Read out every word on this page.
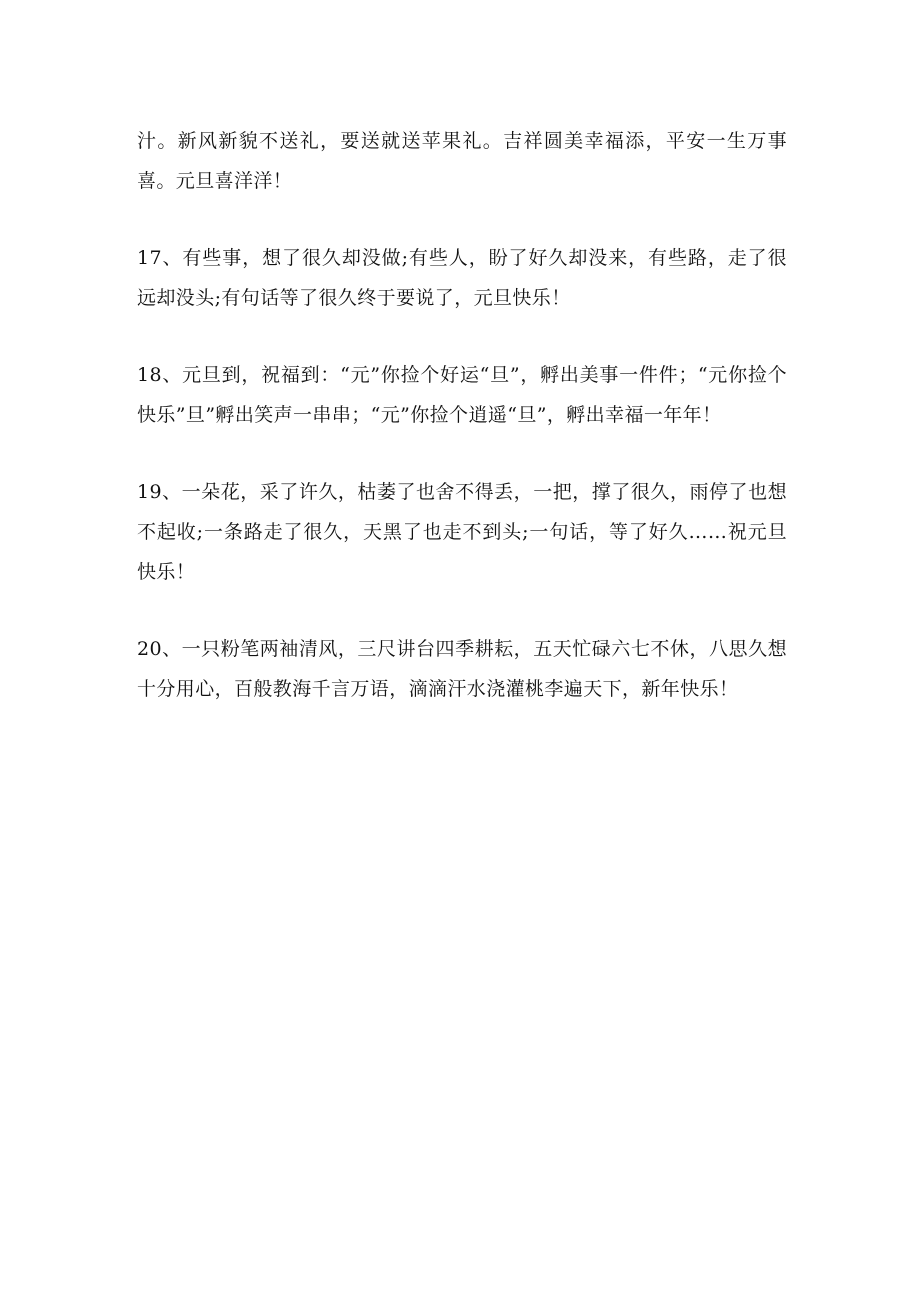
汁。新风新貌不送礼，要送就送苹果礼。吉祥圆美幸福添，平安一生万事喜。元旦喜洋洋！

17、有些事，想了很久却没做;有些人，盼了好久却没来，有些路，走了很远却没头;有句话等了很久终于要说了，元旦快乐！

18、元旦到，祝福到：“元”你捡个好运“旦”，孵出美事一件件；“元你捡个快乐”旦”孵出笑声一串串；“元”你捡个逍遥“旦”，孵出幸福一年年！

19、一朵花，采了许久，枯萎了也舍不得丢，一把，撑了很久，雨停了也想不起收;一条路走了很久，天黑了也走不到头;一句话，等了好久……祝元旦快乐！

20、一只粉笔两袖清风，三尺讲台四季耕耘，五天忙碌六七不休，八思久想十分用心，百般教海千言万语，滴滴汗水浇灌桃李遍天下，新年快乐！
